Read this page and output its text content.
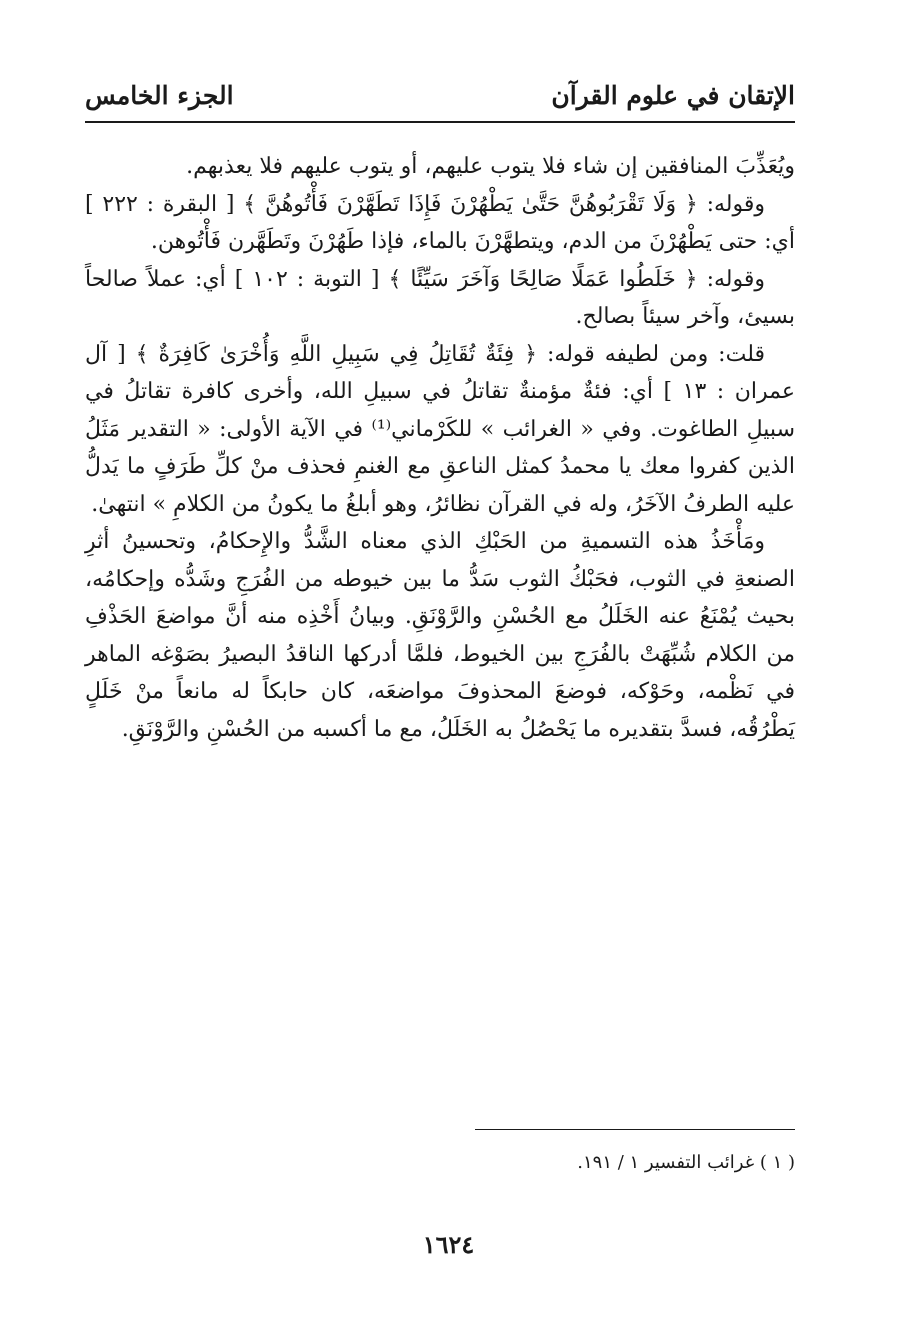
الإتقان في علوم القرآن
الجزء الخامس

ويُعَذِّبَ المنافقين إن شاء فلا يتوب عليهم، أو يتوب عليهم فلا يعذبهم.

وقوله: ﴿ وَلَا تَقْرَبُوهُنَّ حَتَّىٰ يَطْهُرْنَ فَإِذَا تَطَهَّرْنَ فَأْتُوهُنَّ ﴾ [ البقرة : ٢٢٢ ] أي: حتى يَطْهُرْنَ من الدم، ويتطهَّرْنَ بالماء، فإذا طَهُرْنَ وتَطَهَّرن فَأْتُوهن.

وقوله: ﴿ خَلَطُوا عَمَلًا صَالِحًا وَآخَرَ سَيِّئًا ﴾ [ التوبة : ١٠٢ ] أي: عملاً صالحاً بسيئ، وآخر سيئاً بصالح.

قلت: ومن لطيفه قوله: ﴿ فِئَةٌ تُقَاتِلُ فِي سَبِيلِ اللَّهِ وَأُخْرَىٰ كَافِرَةٌ ﴾ [ آل عمران : ١٣ ] أي: فئةٌ مؤمنةٌ تقاتلُ في سبيلِ الله، وأخرى كافرة تقاتلُ في سبيلِ الطاغوت. وفي « الغرائب » للكَرْماني⁽¹⁾ في الآية الأولى: « التقدير مَثَلُ الذين كفروا معك يا محمدُ كمثل الناعقِ مع الغنمِ فحذف منْ كلِّ طَرَفٍ ما يَدلُّ عليه الطرفُ الآخَرُ، وله في القرآن نظائرُ، وهو أبلغُ ما يكونُ من الكلامِ » انتهىٰ.

ومَأْخَذُ هذه التسميةِ من الحَبْكِ الذي معناه الشَّدُّ والإِحكامُ، وتحسينُ أثرِ الصنعةِ في الثوب، فحَبْكُ الثوب سَدُّ ما بين خيوطه من الفُرَجِ وشَدُّه وإحكامُه، بحيث يُمْنَعُ عنه الخَلَلُ مع الحُسْنِ والرَّوْنَقِ. وبيانُ أَخْذِه منه أنَّ مواضعَ الحَذْفِ من الكلام شُبِّهَتْ بالفُرَجِ بين الخيوط، فلمَّا أدركها الناقدُ البصيرُ بصَوْغه الماهر في نَظْمه، وحَوْكه، فوضعَ المحذوفَ مواضعَه، كان حابكاً له مانعاً منْ خَلَلٍ يَطْرُقُه، فسدَّ بتقديره ما يَحْصُلُ به الخَلَلُ، مع ما أكسبه من الحُسْنِ والرَّوْنَقِ.

( ١ ) غرائب التفسير ١ / ١٩١.
١٦٢٤
